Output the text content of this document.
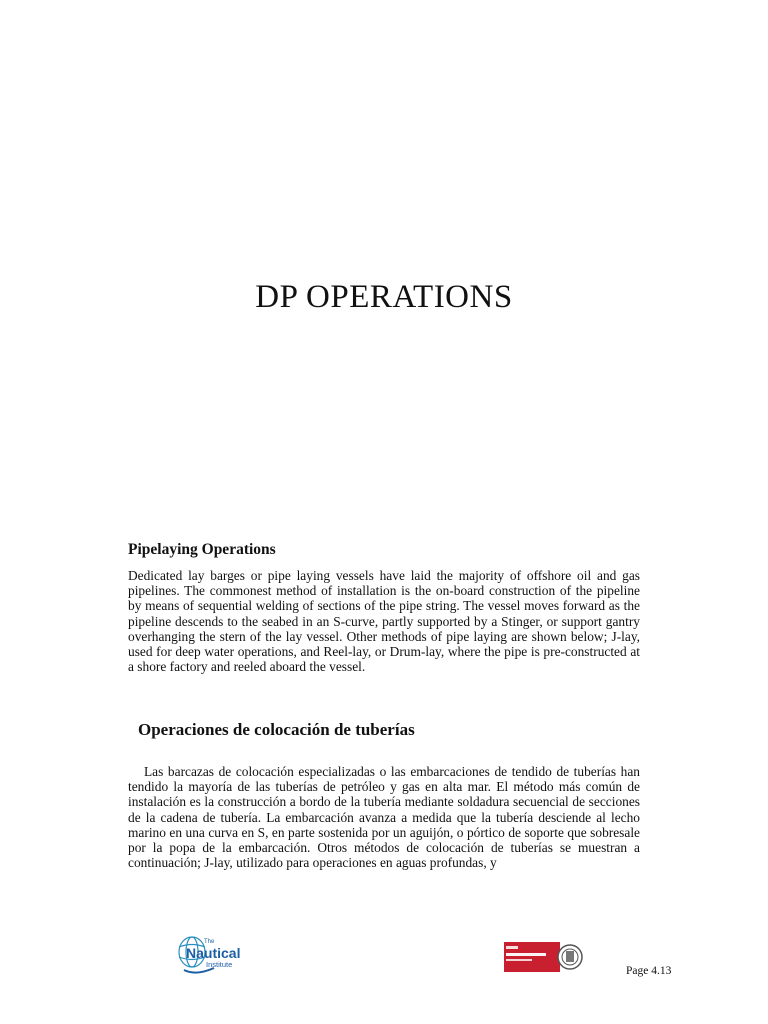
DP OPERATIONS
Pipelaying Operations
Dedicated lay barges or pipe laying vessels have laid the majority of offshore oil and gas pipelines. The commonest method of installation is the on-board construction of the pipeline by means of sequential welding of sections of the pipe string. The vessel moves forward as the pipeline descends to the seabed in an S-curve, partly supported by a Stinger, or support gantry overhanging the stern of the lay vessel. Other methods of pipe laying are shown below; J-lay, used for deep water operations, and Reel-lay, or Drum-lay, where the pipe is pre-constructed at a shore factory and reeled aboard the vessel.
Operaciones de colocación de tuberías
Las barcazas de colocación especializadas o las embarcaciones de tendido de tuberías han tendido la mayoría de las tuberías de petróleo y gas en alta mar. El método más común de instalación es la construcción a bordo de la tubería mediante soldadura secuencial de secciones de la cadena de tubería. La embarcación avanza a medida que la tubería desciende al lecho marino en una curva en S, en parte sostenida por un aguijón, o pórtico de soporte que sobresale por la popa de la embarcación. Otros métodos de colocación de tuberías se muestran a continuación; J-lay, utilizado para operaciones en aguas profundas, y
The
Nautical
Institute
Page 4.13
